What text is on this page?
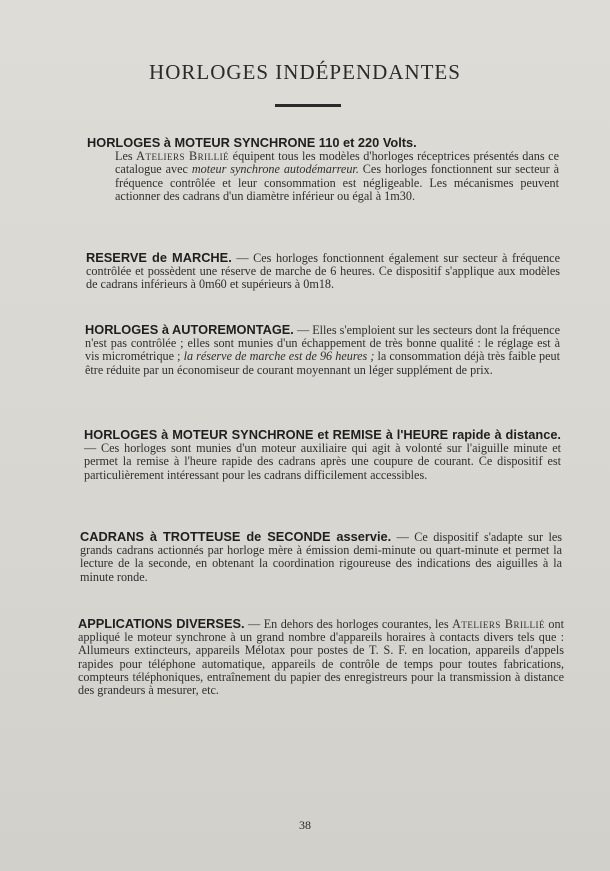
HORLOGES INDÉPENDANTES
HORLOGES à MOTEUR SYNCHRONE 110 et 220 Volts.

Les Ateliers Brillié équipent tous les modèles d'horloges réceptrices présentés dans ce catalogue avec moteur synchrone autodémarreur. Ces horloges fonctionnent sur secteur à fréquence contrôlée et leur consommation est négligeable. Les mécanismes peuvent actionner des cadrans d'un diamètre inférieur ou égal à 1m30.
RESERVE de MARCHE. — Ces horloges fonctionnent également sur secteur à fréquence contrôlée et possèdent une réserve de marche de 6 heures. Ce dispositif s'applique aux modèles de cadrans inférieurs à 0m60 et supérieurs à 0m18.
HORLOGES à AUTOREMONTAGE. — Elles s'emploient sur les secteurs dont la fréquence n'est pas contrôlée ; elles sont munies d'un échappement de très bonne qualité : le réglage est à vis micrométrique ; la réserve de marche est de 96 heures ; la consommation déjà très faible peut être réduite par un économiseur de courant moyennant un léger supplément de prix.
HORLOGES à MOTEUR SYNCHRONE et REMISE à l'HEURE rapide à distance. — Ces horloges sont munies d'un moteur auxiliaire qui agit à volonté sur l'aiguille minute et permet la remise à l'heure rapide des cadrans après une coupure de courant. Ce dispositif est particulièrement intéressant pour les cadrans difficilement accessibles.
CADRANS à TROTTEUSE de SECONDE asservie. — Ce dispositif s'adapte sur les grands cadrans actionnés par horloge mère à émission demi-minute ou quart-minute et permet la lecture de la seconde, en obtenant la coordination rigoureuse des indications des aiguilles à la minute ronde.
APPLICATIONS DIVERSES. — En dehors des horloges courantes, les Ateliers Brillié ont appliqué le moteur synchrone à un grand nombre d'appareils horaires à contacts divers tels que : Allumeurs extincteurs, appareils Mélotax pour postes de T. S. F. en location, appareils d'appels rapides pour téléphone automatique, appareils de contrôle de temps pour toutes fabrications, compteurs téléphoniques, entraînement du papier des enregistreurs pour la transmission à distance des grandeurs à mesurer, etc.
38
